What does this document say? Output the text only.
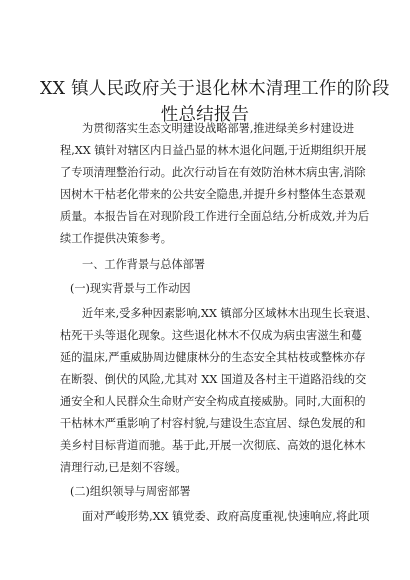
XX 镇人民政府关于退化林木清理工作的阶段
性总结报告
为贯彻落实生态文明建设战略部署,推进绿美乡村建设进
程,XX 镇针对辖区内日益凸显的林木退化问题,于近期组织开展
了专项清理整治行动。此次行动旨在有效防治林木病虫害,消除
因树木干枯老化带来的公共安全隐患,并提升乡村整体生态景观
质量。本报告旨在对现阶段工作进行全面总结,分析成效,并为后
续工作提供决策参考。
一、工作背景与总体部署
(一)现实背景与工作动因
近年来,受多种因素影响,XX 镇部分区域林木出现生长衰退、
枯死干头等退化现象。这些退化林木不仅成为病虫害滋生和蔓
延的温床,严重威胁周边健康林分的生态安全其枯枝或整株亦存
在断裂、倒伏的风险,尤其对 XX 国道及各村主干道路沿线的交
通安全和人民群众生命财产安全构成直接威胁。同时,大面积的
干枯林木严重影响了村容村貌,与建设生态宜居、绿色发展的和
美乡村目标背道而驰。基于此,开展一次彻底、高效的退化林木
清理行动,已是刻不容缓。
(二)组织领导与周密部署
面对严峻形势,XX 镇党委、政府高度重视,快速响应,将此项
